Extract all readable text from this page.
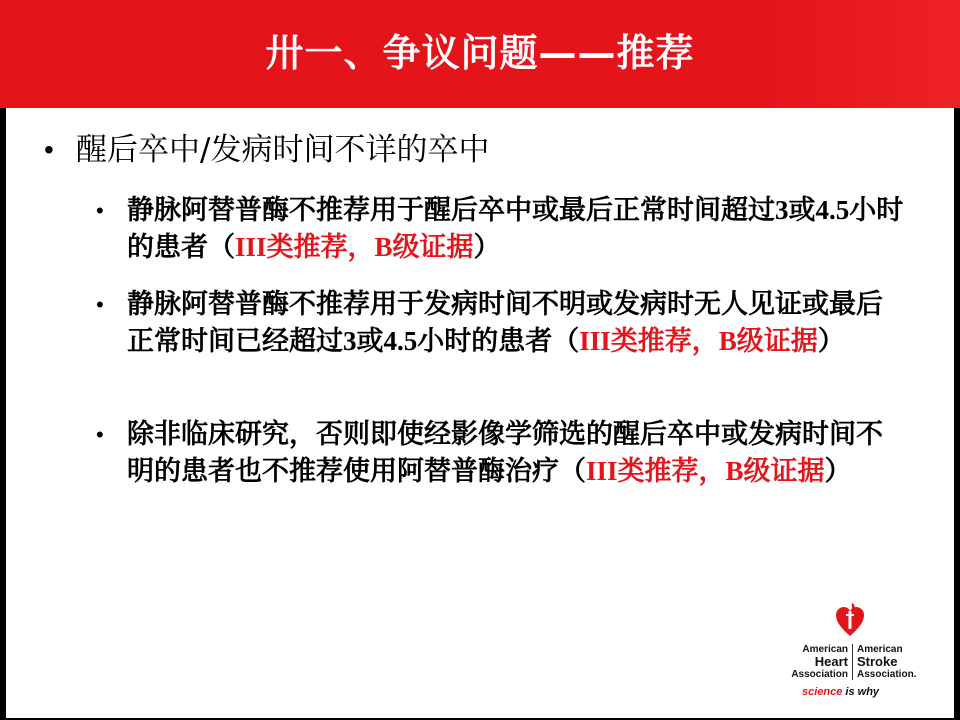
卅一、争议问题——推荐
• 醒后卒中/发病时间不详的卒中
• 静脉阿替普酶不推荐用于醒后卒中或最后正常时间超过3或4.5小时的患者（III类推荐，B级证据）
• 静脉阿替普酶不推荐用于发病时间不明或发病时无人见证或最后正常时间已经超过3或4.5小时的患者（III类推荐，B级证据）
• 除非临床研究，否则即使经影像学筛选的醒后卒中或发病时间不明的患者也不推荐使用阿替普酶治疗（III类推荐，B级证据）
American
Heart
Association
American
Stroke
Association.
science is why
